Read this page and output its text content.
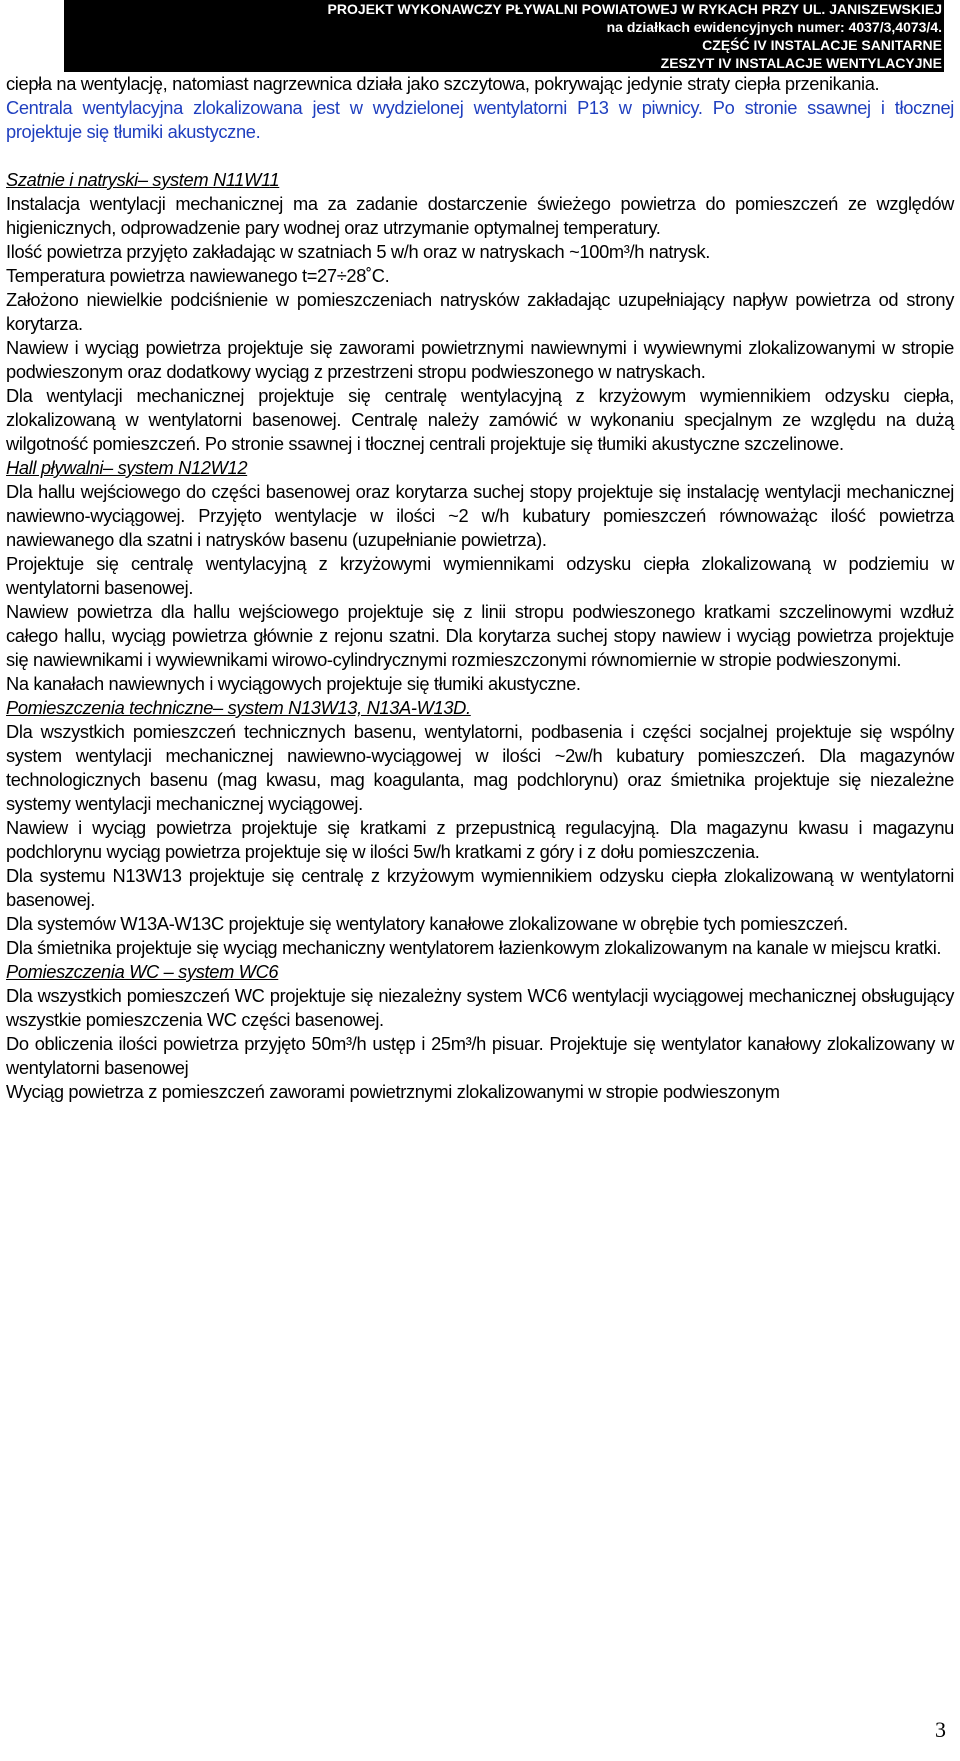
PROJEKT WYKONAWCZY PŁYWALNI POWIATOWEJ W RYKACH PRZY UL. JANISZEWSKIEJ
na działkach ewidencyjnych numer: 4037/3,4073/4.
CZĘŚĆ IV INSTALACJE SANITARNE
ZESZYT IV INSTALACJE WENTYLACYJNE

ciepła na wentylację, natomiast nagrzewnica działa jako szczytowa, pokrywając jedynie straty ciepła przenikania.

Centrala wentylacyjna zlokalizowana jest w wydzielonej wentylatorni P13 w piwnicy. Po stronie ssawnej i tłocznej projektuje się tłumiki akustyczne.

Szatnie i natryski– system N11W11

Instalacja wentylacji mechanicznej ma za zadanie dostarczenie świeżego powietrza do pomieszczeń ze względów higienicznych, odprowadzenie pary wodnej oraz utrzymanie optymalnej temperatury.

Ilość powietrza przyjęto zakładając w szatniach 5 w/h oraz w natryskach ~100m³/h natrysk.

Temperatura powietrza nawiewanego t=27÷28˚C.

Założono niewielkie podciśnienie w pomieszczeniach natrysków zakładając uzupełniający napływ powietrza od strony korytarza.

Nawiew i wyciąg powietrza projektuje się zaworami powietrznymi nawiewnymi i wywiewnymi zlokalizowanymi w stropie podwieszonym oraz dodatkowy wyciąg z przestrzeni stropu podwieszonego w natryskach.

Dla wentylacji mechanicznej projektuje się centralę wentylacyjną z krzyżowym wymiennikiem odzysku ciepła, zlokalizowaną w wentylatorni basenowej. Centralę należy zamówić w wykonaniu specjalnym ze względu na dużą wilgotność pomieszczeń. Po stronie ssawnej i tłocznej centrali projektuje się tłumiki akustyczne szczelinowe.

Hall pływalni– system N12W12

Dla hallu wejściowego do części basenowej oraz korytarza suchej stopy projektuje się instalację wentylacji mechanicznej nawiewno-wyciągowej. Przyjęto wentylacje w ilości ~2 w/h kubatury pomieszczeń równoważąc ilość powietrza nawiewanego dla szatni i natrysków basenu (uzupełnianie powietrza).

Projektuje się centralę wentylacyjną z krzyżowymi wymiennikami odzysku ciepła zlokalizowaną w podziemiu w wentylatorni basenowej.

Nawiew powietrza dla hallu wejściowego projektuje się z linii stropu podwieszonego kratkami szczelinowymi wzdłuż całego hallu, wyciąg powietrza głównie z rejonu szatni. Dla korytarza suchej stopy nawiew i wyciąg powietrza projektuje się nawiewnikami i wywiewnikami wirowo-cylindrycznymi rozmieszczonymi równomiernie w stropie podwieszonymi.

Na kanałach nawiewnych i wyciągowych projektuje się tłumiki akustyczne.

Pomieszczenia techniczne– system N13W13, N13A-W13D.

Dla wszystkich pomieszczeń technicznych basenu, wentylatorni, podbasenia i części socjalnej projektuje się wspólny system wentylacji mechanicznej nawiewno-wyciągowej w ilości ~2w/h kubatury pomieszczeń. Dla magazynów technologicznych basenu (mag kwasu, mag koagulanta, mag podchlorynu) oraz śmietnika projektuje się niezależne systemy wentylacji mechanicznej wyciągowej.

Nawiew i wyciąg powietrza projektuje się kratkami z przepustnicą regulacyjną. Dla magazynu kwasu i magazynu podchlorynu wyciąg powietrza projektuje się w ilości 5w/h kratkami z góry i z dołu pomieszczenia.

Dla systemu N13W13 projektuje się centralę z krzyżowym wymiennikiem odzysku ciepła zlokalizowaną w wentylatorni basenowej.

Dla systemów W13A-W13C projektuje się wentylatory kanałowe zlokalizowane w obrębie tych pomieszczeń.

Dla śmietnika projektuje się wyciąg mechaniczny wentylatorem łazienkowym zlokalizowanym na kanale w miejscu kratki.

Pomieszczenia WC – system WC6

Dla wszystkich pomieszczeń WC projektuje się niezależny system WC6 wentylacji wyciągowej mechanicznej obsługujący wszystkie pomieszczenia WC części basenowej.

Do obliczenia ilości powietrza przyjęto 50m³/h ustęp i 25m³/h pisuar. Projektuje się wentylator kanałowy zlokalizowany w wentylatorni basenowej

Wyciąg powietrza z pomieszczeń zaworami powietrznymi zlokalizowanymi w stropie podwieszonym

3
